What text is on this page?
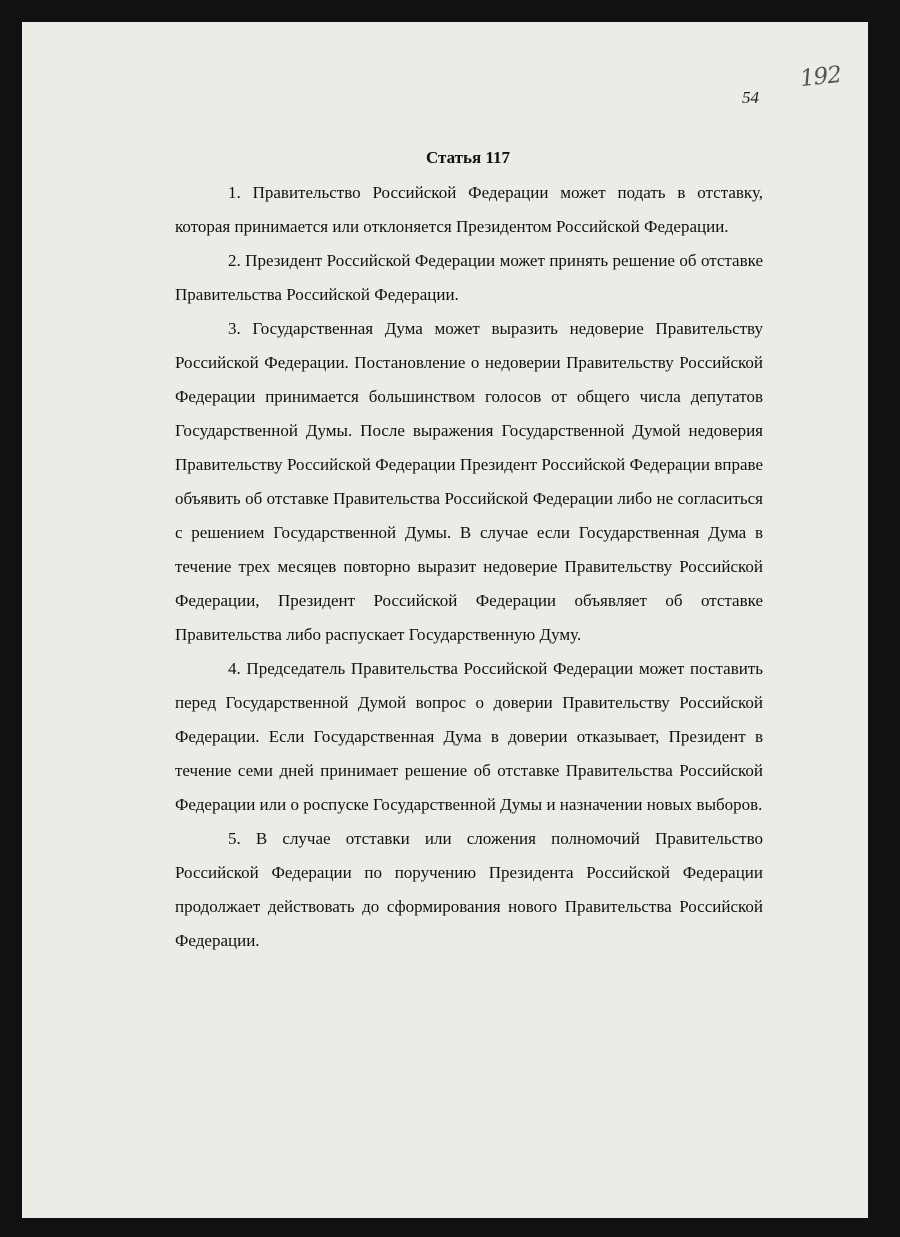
192
54
Статья 117

1. Правительство Российской Федерации может подать в отставку, которая принимается или отклоняется Президентом Российской Федерации.

2. Президент Российской Федерации может принять решение об отставке Правительства Российской Федерации.

3. Государственная Дума может выразить недоверие Правительству Российской Федерации. Постановление о недоверии Правительству Российской Федерации принимается большинством голосов от общего числа депутатов Государственной Думы. После выражения Государственной Думой недоверия Правительству Российской Федерации Президент Российской Федерации вправе объявить об отставке Правительства Российской Федерации либо не согласиться с решением Государственной Думы. В случае если Государственная Дума в течение трех месяцев повторно выразит недоверие Правительству Российской Федерации, Президент Российской Федерации объявляет об отставке Правительства либо распускает Государственную Думу.

4. Председатель Правительства Российской Федерации может поставить перед Государственной Думой вопрос о доверии Правительству Российской Федерации. Если Государственная Дума в доверии отказывает, Президент в течение семи дней принимает решение об отставке Правительства Российской Федерации или о роспуске Государственной Думы и назначении новых выборов.

5. В случае отставки или сложения полномочий Правительство Российской Федерации по поручению Президента Российской Федерации продолжает действовать до сформирования нового Правительства Российской Федерации.
